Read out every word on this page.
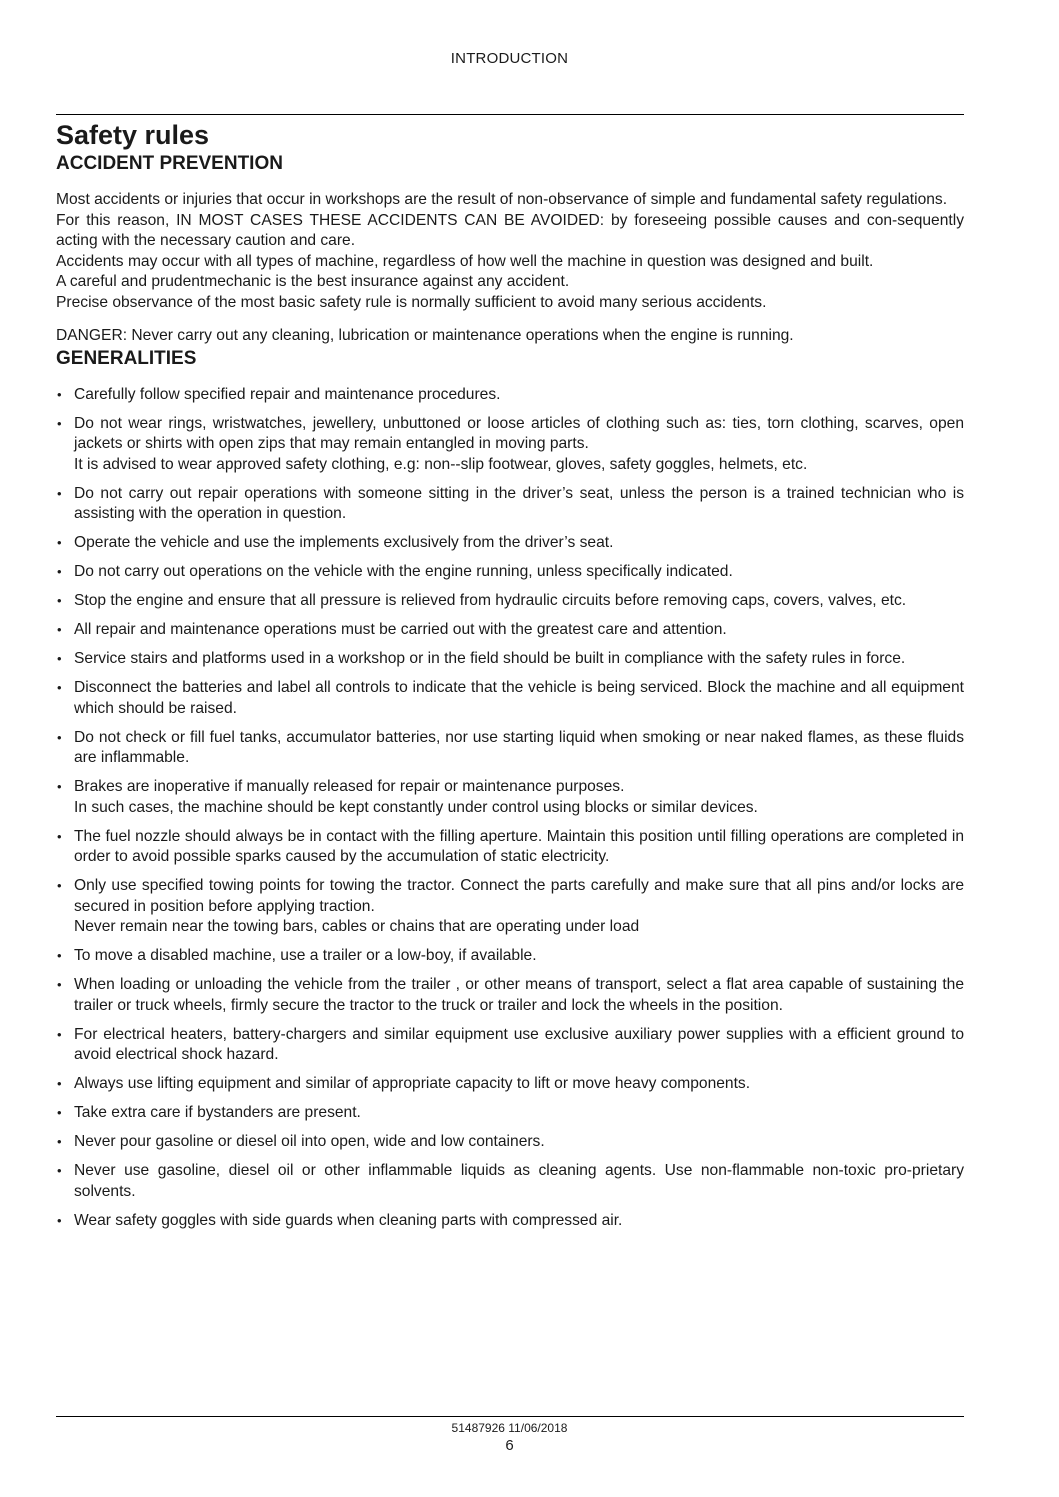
INTRODUCTION
Safety rules
ACCIDENT PREVENTION

Most accidents or injuries that occur in workshops are the result of non-observance of simple and fundamental safety regulations.

For this reason, IN MOST CASES THESE ACCIDENTS CAN BE AVOIDED: by foreseeing possible causes and con-sequently acting with the necessary caution and care.

Accidents may occur with all types of machine, regardless of how well the machine in question was designed and built.

A careful and prudentmechanic is the best insurance against any accident.

Precise observance of the most basic safety rule is normally sufficient to avoid many serious accidents.

DANGER: Never carry out any cleaning, lubrication or maintenance operations when the engine is running.

GENERALITIES
• Carefully follow specified repair and maintenance procedures.
• Do not wear rings, wristwatches, jewellery, unbuttoned or loose articles of clothing such as: ties, torn clothing, scarves, open jackets or shirts with open zips that may remain entangled in moving parts.
It is advised to wear approved safety clothing, e.g: non--slip footwear, gloves, safety goggles, helmets, etc.
• Do not carry out repair operations with someone sitting in the driver’s seat, unless the person is a trained technician who is assisting with the operation in question.
• Operate the vehicle and use the implements exclusively from the driver’s seat.
• Do not carry out operations on the vehicle with the engine running, unless specifically indicated.
• Stop the engine and ensure that all pressure is relieved from hydraulic circuits before removing caps, covers, valves, etc.
• All repair and maintenance operations must be carried out with the greatest care and attention.
• Service stairs and platforms used in a workshop or in the field should be built in compliance with the safety rules in force.
• Disconnect the batteries and label all controls to indicate that the vehicle is being serviced. Block the machine and all equipment which should be raised.
• Do not check or fill fuel tanks, accumulator batteries, nor use starting liquid when smoking or near naked flames, as these fluids are inflammable.
• Brakes are inoperative if manually released for repair or maintenance purposes.
In such cases, the machine should be kept constantly under control using blocks or similar devices.
• The fuel nozzle should always be in contact with the filling aperture. Maintain this position until filling operations are completed in order to avoid possible sparks caused by the accumulation of static electricity.
• Only use specified towing points for towing the tractor. Connect the parts carefully and make sure that all pins and/or locks are secured in position before applying traction.
Never remain near the towing bars, cables or chains that are operating under load
• To move a disabled machine, use a trailer or a low-boy, if available.
• When loading or unloading the vehicle from the trailer , or other means of transport, select a flat area capable of sustaining the trailer or truck wheels, firmly secure the tractor to the truck or trailer and lock the wheels in the position.
• For electrical heaters, battery-chargers and similar equipment use exclusive auxiliary power supplies with a efficient ground to avoid electrical shock hazard.
• Always use lifting equipment and similar of appropriate capacity to lift or move heavy components.
• Take extra care if bystanders are present.
• Never pour gasoline or diesel oil into open, wide and low containers.
• Never use gasoline, diesel oil or other inflammable liquids as cleaning agents. Use non-flammable non-toxic pro-prietary solvents.
• Wear safety goggles with side guards when cleaning parts with compressed air.
51487926 11/06/2018
6
